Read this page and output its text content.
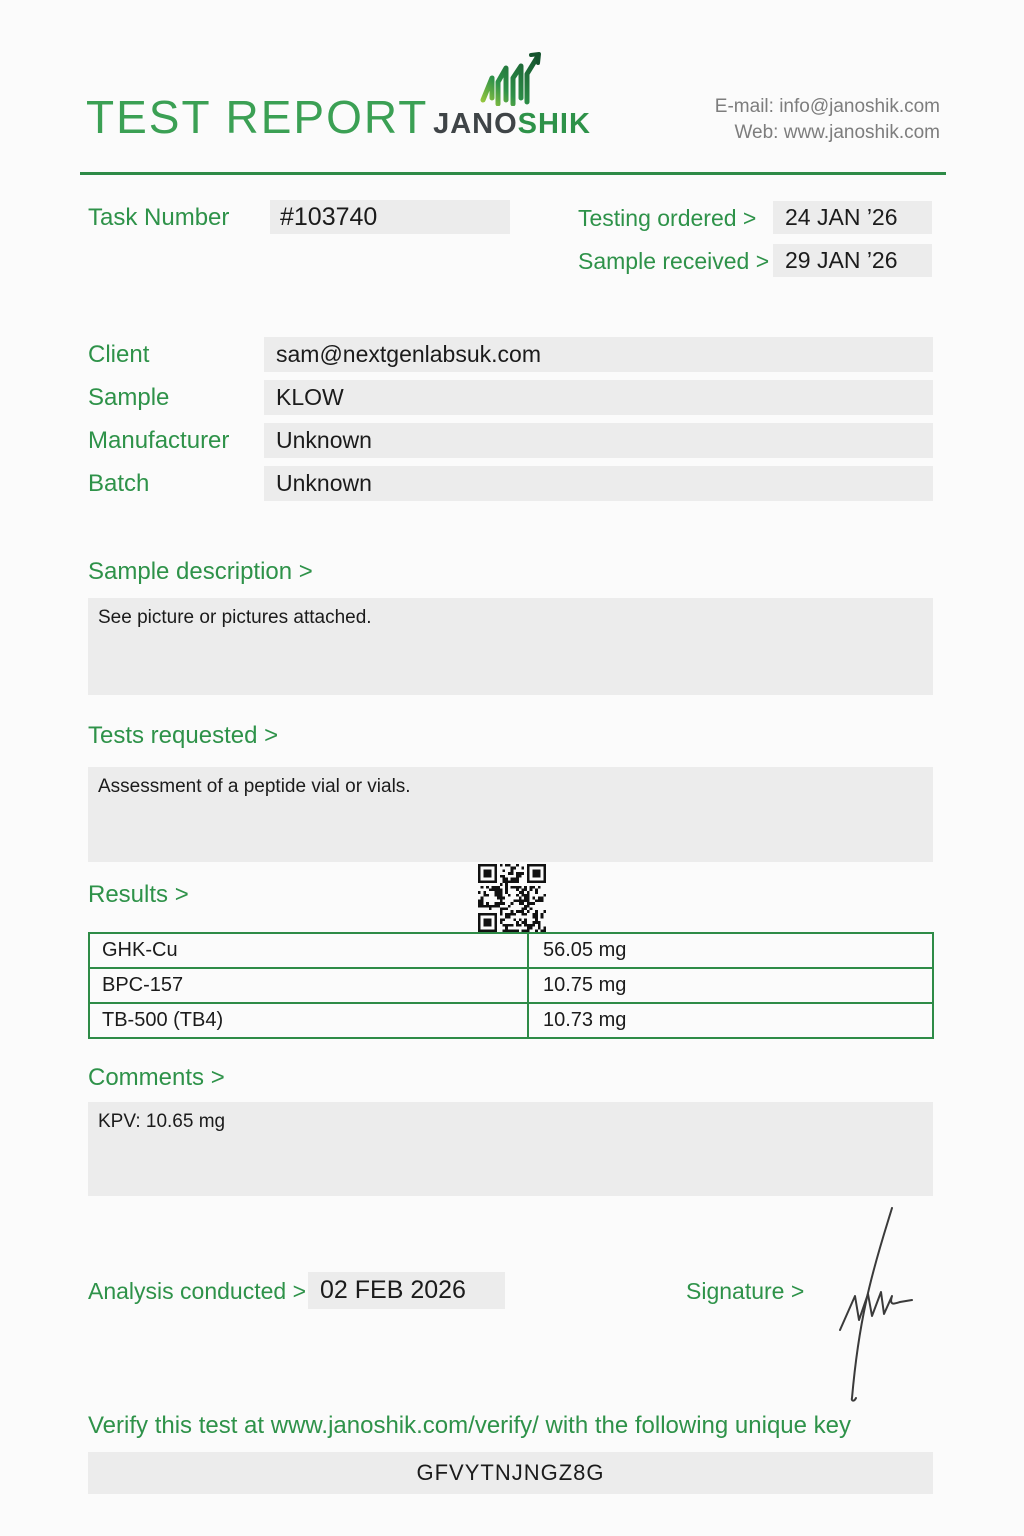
TEST REPORT JANOSHIK
E-mail: info@janoshik.com
Web: www.janoshik.com
Task Number	#103740	Testing ordered >	24 JAN ’26
Sample received > 29 JAN ’26
Client	sam@nextgenlabsuk.com
Sample	KLOW
Manufacturer	Unknown
Batch	Unknown
Sample description >
See picture or pictures attached.
Tests requested >
Assessment of a peptide vial or vials.
Results >
GHK-Cu	56.05 mg
BPC-157	10.75 mg
TB-500 (TB4)	10.73 mg
Comments >
KPV: 10.65 mg
Analysis conducted > 02 FEB 2026	Signature >
Verify this test at www.janoshik.com/verify/ with the following unique key
GFVYTNJNGZ8G
